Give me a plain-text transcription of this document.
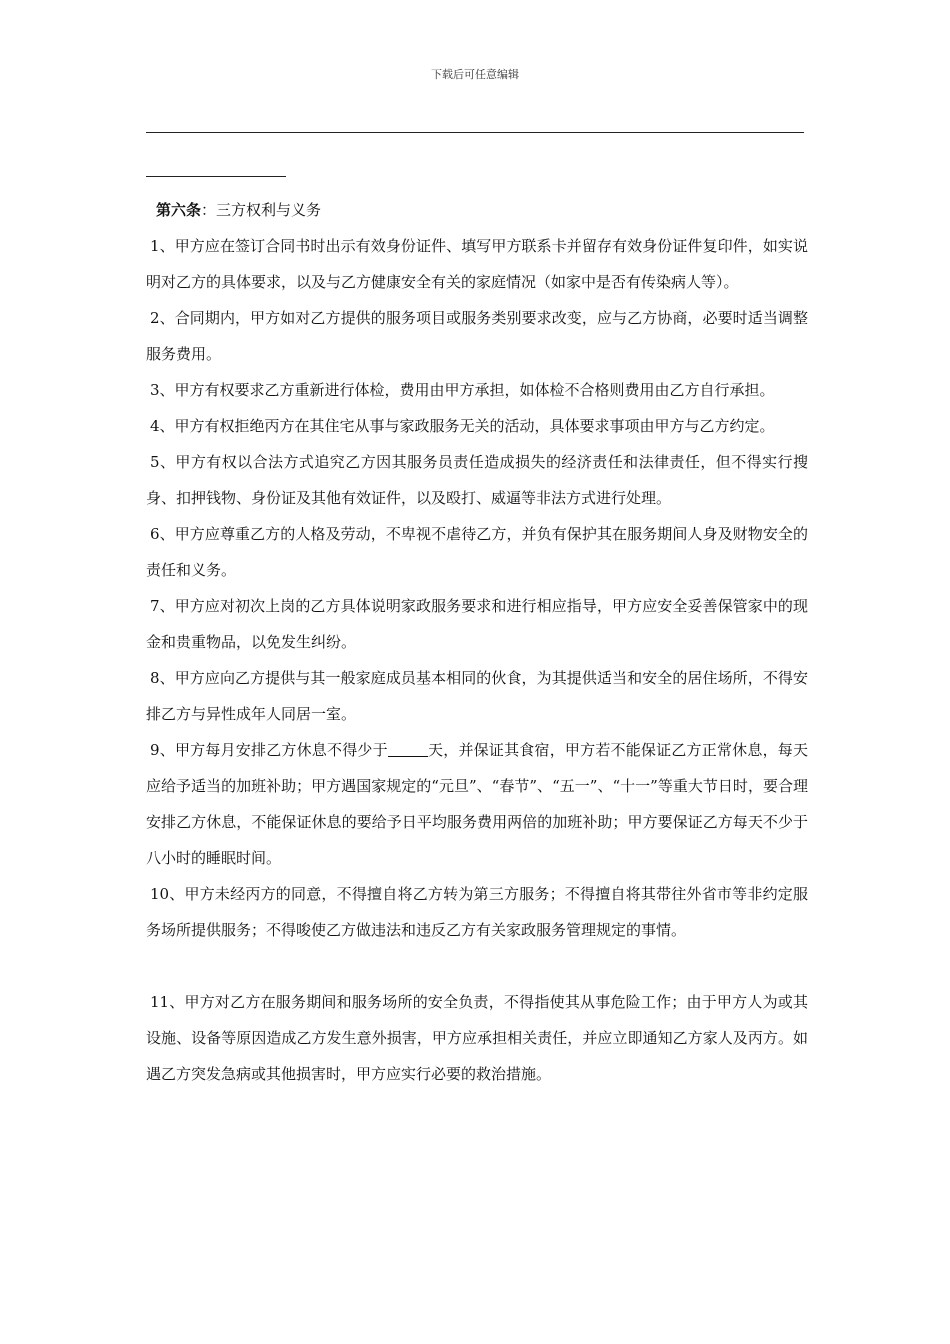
下载后可任意编辑

第六条：三方权利与义务

1、甲方应在签订合同书时出示有效身份证件、填写甲方联系卡并留存有效身份证件复印件，如实说明对乙方的具体要求，以及与乙方健康安全有关的家庭情况（如家中是否有传染病人等）。

2、合同期内，甲方如对乙方提供的服务项目或服务类别要求改变，应与乙方协商，必要时适当调整服务费用。

3、甲方有权要求乙方重新进行体检，费用由甲方承担，如体检不合格则费用由乙方自行承担。

4、甲方有权拒绝丙方在其住宅从事与家政服务无关的活动，具体要求事项由甲方与乙方约定。

5、甲方有权以合法方式追究乙方因其服务员责任造成损失的经济责任和法律责任，但不得实行搜身、扣押钱物、身份证及其他有效证件，以及殴打、威逼等非法方式进行处理。

6、甲方应尊重乙方的人格及劳动，不卑视不虐待乙方，并负有保护其在服务期间人身及财物安全的责任和义务。

7、甲方应对初次上岗的乙方具体说明家政服务要求和进行相应指导，甲方应安全妥善保管家中的现金和贵重物品，以免发生纠纷。

8、甲方应向乙方提供与其一般家庭成员基本相同的伙食，为其提供适当和安全的居住场所，不得安排乙方与异性成年人同居一室。

9、甲方每月安排乙方休息不得少于	天，并保证其食宿，甲方若不能保证乙方正常休息，每天应给予适当的加班补助；甲方遇国家规定的“元旦”、“春节”、“五一”、“十一”等重大节日时，要合理安排乙方休息，不能保证休息的要给予日平均服务费用两倍的加班补助；甲方要保证乙方每天不少于八小时的睡眠时间。

10、甲方未经丙方的同意，不得擅自将乙方转为第三方服务；不得擅自将其带往外省市等非约定服务场所提供服务；不得唆使乙方做违法和违反乙方有关家政服务管理规定的事情。

11、甲方对乙方在服务期间和服务场所的安全负责，不得指使其从事危险工作；由于甲方人为或其设施、设备等原因造成乙方发生意外损害，甲方应承担相关责任，并应立即通知乙方家人及丙方。如遇乙方突发急病或其他损害时，甲方应实行必要的救治措施。
